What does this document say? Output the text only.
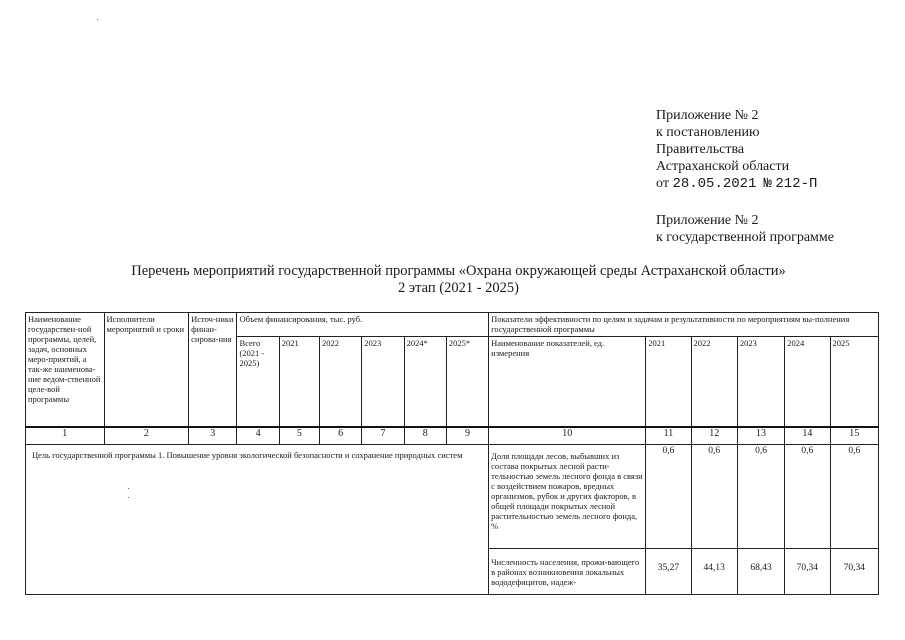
Приложение № 2
к постановлению
Правительства
Астраханской области
от 28.05.2021 № 212-П
Приложение № 2
к государственной программе
Перечень мероприятий государственной программы «Охрана окружающей среды Астраханской области»
2 этап (2021 - 2025)
Наименование государствен-ной программы, целей, задач, основных меро-приятий, а так-же наименова-ние ведом-ственной целе-вой программы	Исполнители мероприятий и сроки	Источ-ники финан-сирова-ния	Объем финансирования, тыс. руб.						Показатели эффективности по целям и задачам и результативности по мероприятиям вы-полнения государственной программы					
			Всего (2021 - 2025)	2021	2022	2023	2024*	2025*	Наименование показателей, ед. измерения	2021	2022	2023	2024	2025
1	2	3	4	5	6	7	8	9	10	11	12	13	14	15
Цель государственной программы 1. Повышение уровня экологической безопасности и сохранение природных систем									Доля площади лесов, выбывших из состава покрытых лесной расти-тельностью земель лесного фонда в связи с воздействием пожаров, вредных организмов, рубок и других факторов, в общей площади покрытых лесной растительностью земель лесного фонда, %	0,6	0,6	0,6	0,6	0,6
									Численность населения, прожи-вающего в районах возникновения локальных вододефицитов, надеж-	35,27	44,13	68,43	70,34	70,34
